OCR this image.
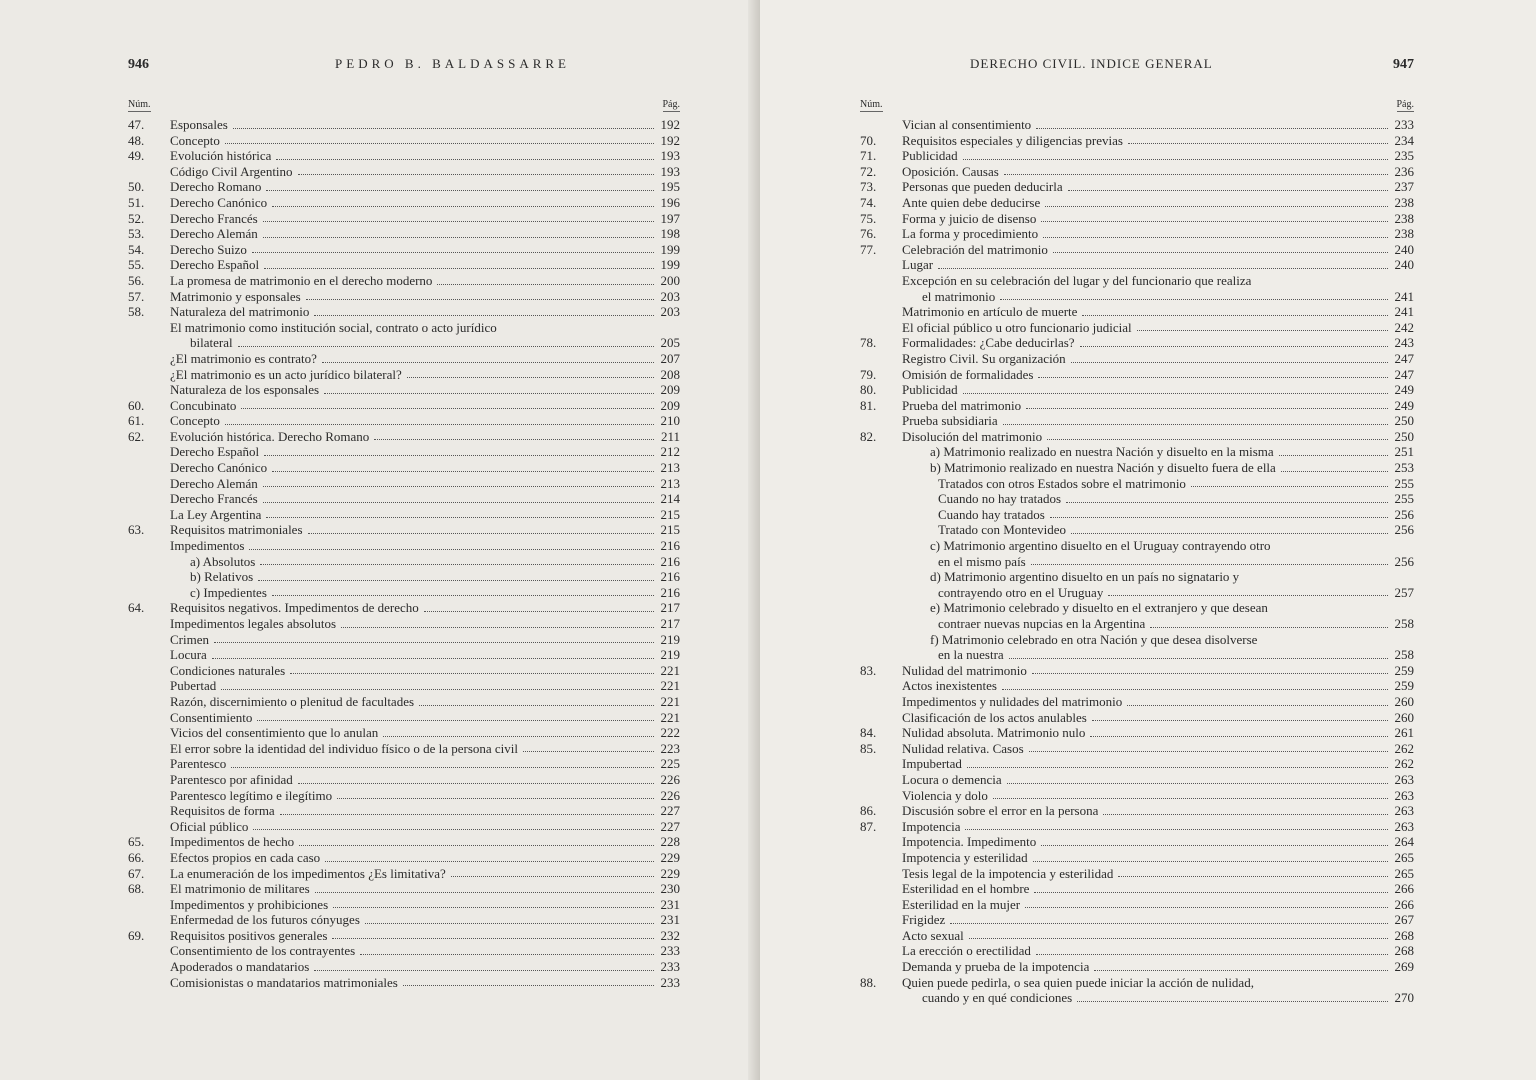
946	PEDRO B. BALDASSARRE
Núm.	Pág.
47.	Esponsales	192
48.	Concepto	192
49.	Evolución histórica	193
Código Civil Argentino	193
50.	Derecho Romano	195
51.	Derecho Canónico	196
52.	Derecho Francés	197
53.	Derecho Alemán	198
54.	Derecho Suizo	199
55.	Derecho Español	199
56.	La promesa de matrimonio en el derecho moderno	200
57.	Matrimonio y esponsales	203
58.	Naturaleza del matrimonio	203
El matrimonio como institución social, contrato o acto jurídico
bilateral	205
¿El matrimonio es contrato?	207
¿El matrimonio es un acto jurídico bilateral?	208
Naturaleza de los esponsales	209
60.	Concubinato	209
61.	Concepto	210
62.	Evolución histórica. Derecho Romano	211
Derecho Español	212
Derecho Canónico	213
Derecho Alemán	213
Derecho Francés	214
La Ley Argentina	215
63.	Requisitos matrimoniales	215
Impedimentos	216
a) Absolutos	216
b) Relativos	216
c) Impedientes	216
64.	Requisitos negativos. Impedimentos de derecho	217
Impedimentos legales absolutos	217
Crimen	219
Locura	219
Condiciones naturales	221
Pubertad	221
Razón, discernimiento o plenitud de facultades	221
Consentimiento	221
Vicios del consentimiento que lo anulan	222
El error sobre la identidad del individuo físico o de la persona civil	223
Parentesco	225
Parentesco por afinidad	226
Parentesco legítimo e ilegítimo	226
Requisitos de forma	227
Oficial público	227
65.	Impedimentos de hecho	228
66.	Efectos propios en cada caso	229
67.	La enumeración de los impedimentos ¿Es limitativa?	229
68.	El matrimonio de militares	230
Impedimentos y prohibiciones	231
Enfermedad de los futuros cónyuges	231
69.	Requisitos positivos generales	232
Consentimiento de los contrayentes	233
Apoderados o mandatarios	233
Comisionistas o mandatarios matrimoniales	233
DERECHO CIVIL. INDICE GENERAL	947
Núm.	Pág.
Vician al consentimiento	233
70.	Requisitos especiales y diligencias previas	234
71.	Publicidad	235
72.	Oposición. Causas	236
73.	Personas que pueden deducirla	237
74.	Ante quien debe deducirse	238
75.	Forma y juicio de disenso	238
76.	La forma y procedimiento	238
77.	Celebración del matrimonio	240
Lugar	240
Excepción en su celebración del lugar y del funcionario que realiza
el matrimonio	241
Matrimonio en artículo de muerte	241
El oficial público u otro funcionario judicial	242
78.	Formalidades: ¿Cabe deducirlas?	243
Registro Civil. Su organización	247
79.	Omisión de formalidades	247
80.	Publicidad	249
81.	Prueba del matrimonio	249
Prueba subsidiaria	250
82.	Disolución del matrimonio	250
a) Matrimonio realizado en nuestra Nación y disuelto en la misma	251
b) Matrimonio realizado en nuestra Nación y disuelto fuera de ella	253
Tratados con otros Estados sobre el matrimonio	255
Cuando no hay tratados	255
Cuando hay tratados	256
Tratado con Montevideo	256
c) Matrimonio argentino disuelto en el Uruguay contrayendo otro
en el mismo país	256
d) Matrimonio argentino disuelto en un país no signatario y
contrayendo otro en el Uruguay	257
e) Matrimonio celebrado y disuelto en el extranjero y que desean
contraer nuevas nupcias en la Argentina	258
f) Matrimonio celebrado en otra Nación y que desea disolverse
en la nuestra	258
83.	Nulidad del matrimonio	259
Actos inexistentes	259
Impedimentos y nulidades del matrimonio	260
Clasificación de los actos anulables	260
84.	Nulidad absoluta. Matrimonio nulo	261
85.	Nulidad relativa. Casos	262
Impubertad	262
Locura o demencia	263
Violencia y dolo	263
86.	Discusión sobre el error en la persona	263
87.	Impotencia	263
Impotencia. Impedimento	264
Impotencia y esterilidad	265
Tesis legal de la impotencia y esterilidad	265
Esterilidad en el hombre	266
Esterilidad en la mujer	266
Frigidez	267
Acto sexual	268
La erección o erectilidad	268
Demanda y prueba de la impotencia	269
88.	Quien puede pedirla, o sea quien puede iniciar la acción de nulidad,
cuando y en qué condiciones	270
